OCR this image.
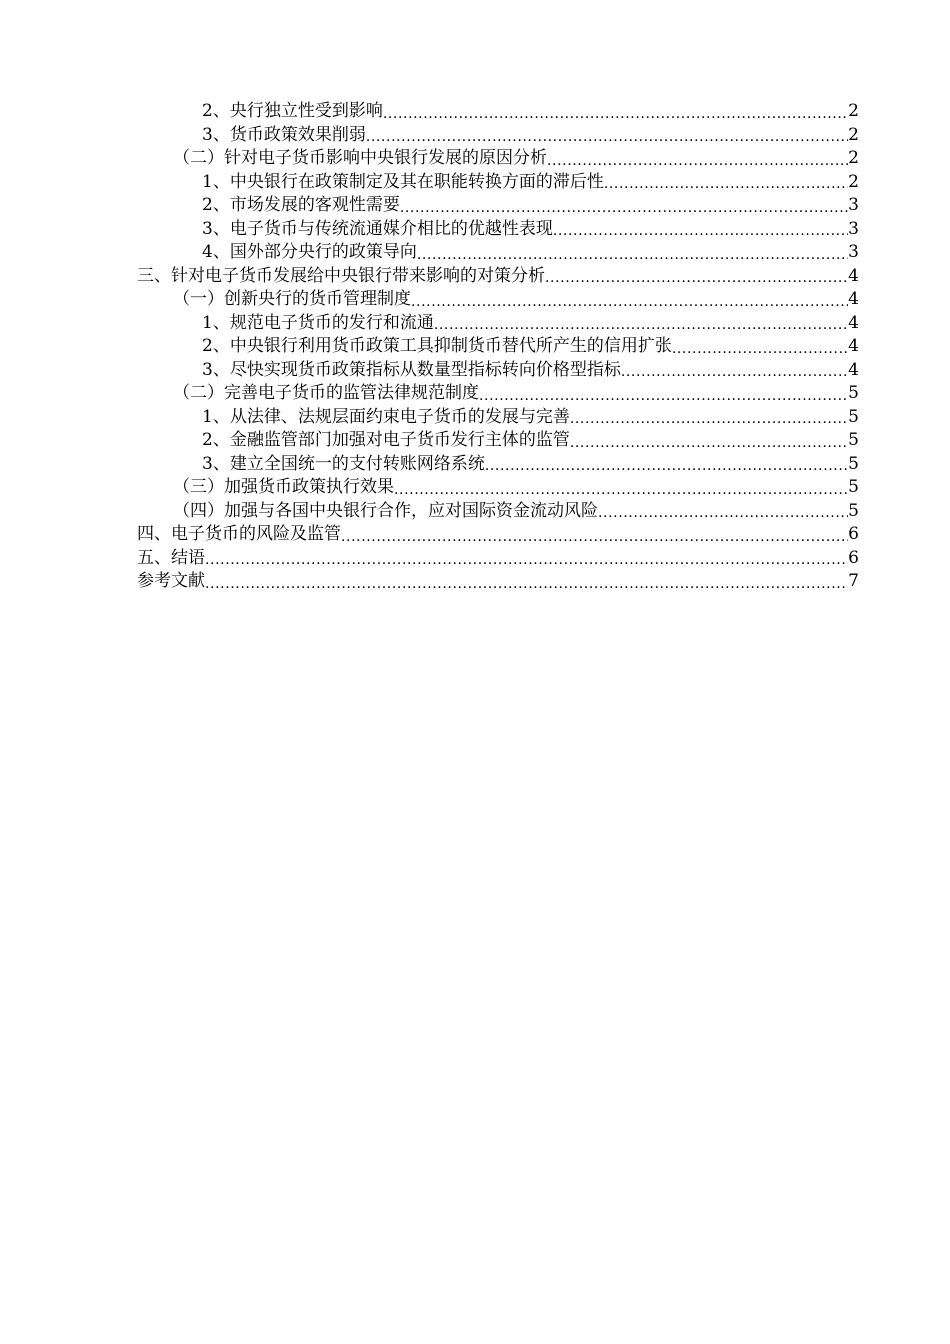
2、央行独立性受到影响 .....	2
3、货币政策效果削弱 .....	2
（二）针对电子货币影响中央银行发展的原因分析 .....	2
1、中央银行在政策制定及其在职能转换方面的滞后性 .....	2
2、市场发展的客观性需要 .....	3
3、电子货币与传统流通媒介相比的优越性表现 .....	3
4、国外部分央行的政策导向 .....	3
三、针对电子货币发展给中央银行带来影响的对策分析 .....	4
（一）创新央行的货币管理制度 .....	4
1、规范电子货币的发行和流通 .....	4
2、中央银行利用货币政策工具抑制货币替代所产生的信用扩张 .....	4
3、尽快实现货币政策指标从数量型指标转向价格型指标 .....	4
（二）完善电子货币的监管法律规范制度 .....	5
1、从法律、法规层面约束电子货币的发展与完善 .....	5
2、金融监管部门加强对电子货币发行主体的监管 .....	5
3、建立全国统一的支付转账网络系统 .....	5
（三）加强货币政策执行效果 .....	5
（四）加强与各国中央银行合作，应对国际资金流动风险 .....	5
四、电子货币的风险及监管 .....	6
五、结语 .....	6
参考文献 .....	7
